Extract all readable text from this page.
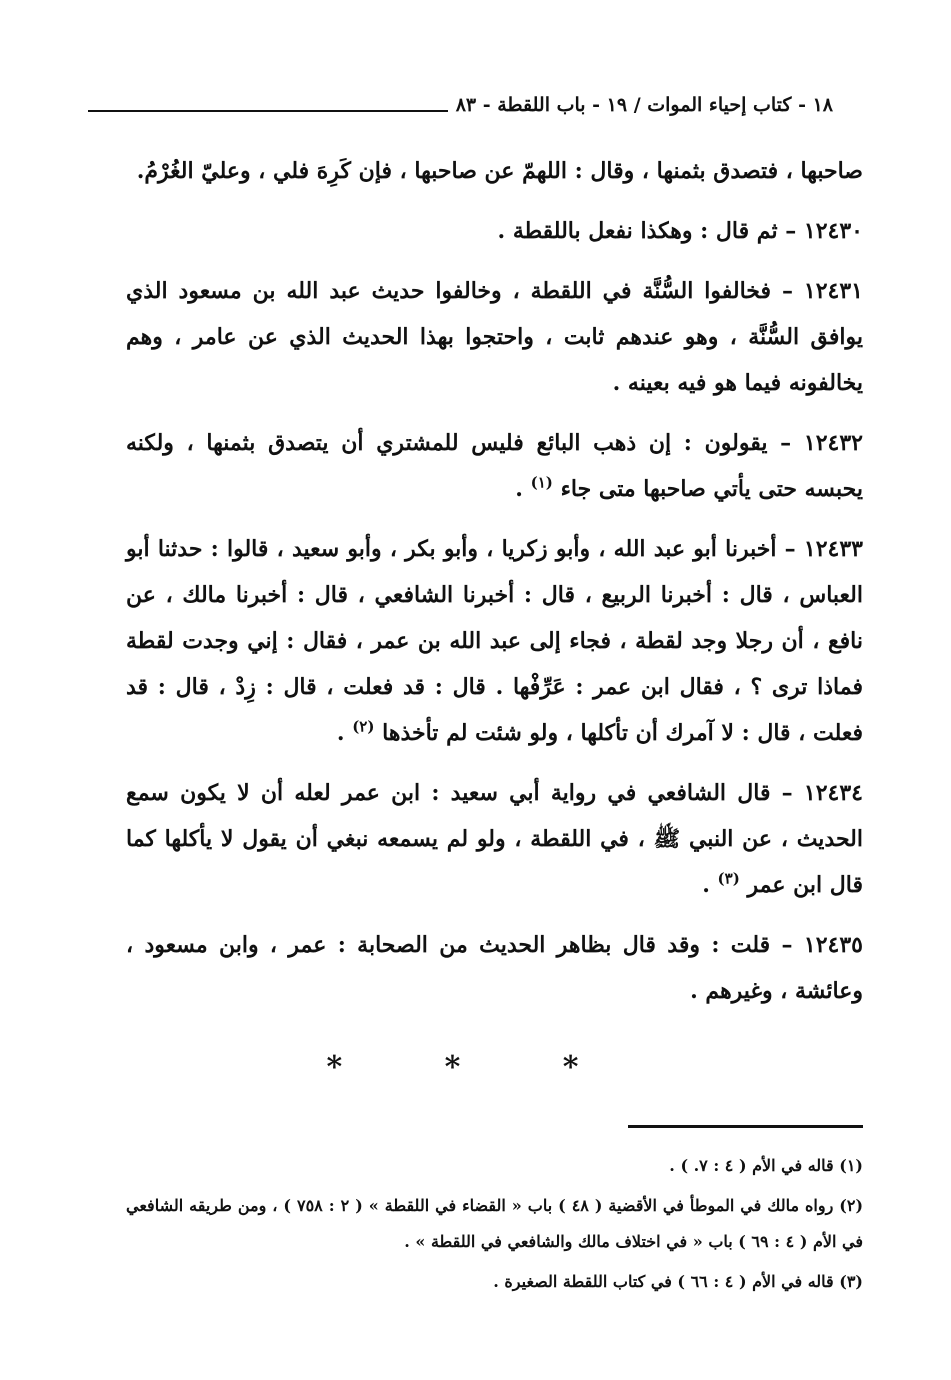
١٨ - كتاب إحياء الموات / ١٩ - باب اللقطة - ٨٣

صاحبها ، فتصدق بثمنها ، وقال : اللهمّ عن صاحبها ، فإن كَرِهَ فلي ، وعليّ الغُرْمُ.

١٢٤٣٠ – ثم قال : وهكذا نفعل باللقطة .

١٢٤٣١ – فخالفوا السُّنَّة في اللقطة ، وخالفوا حديث عبد الله بن مسعود الذي يوافق السُّنَّة ، وهو عندهم ثابت ، واحتجوا بهذا الحديث الذي عن عامر ، وهم يخالفونه فيما هو فيه بعينه .

١٢٤٣٢ – يقولون : إن ذهب البائع فليس للمشتري أن يتصدق بثمنها ، ولكنه يحبسه حتى يأتي صاحبها متى جاء $^{(١)}$ .

١٢٤٣٣ – أخبرنا أبو عبد الله ، وأبو زكريا ، وأبو بكر ، وأبو سعيد ، قالوا : حدثنا أبو العباس ، قال : أخبرنا الربيع ، قال : أخبرنا الشافعي ، قال : أخبرنا مالك ، عن نافع ، أن رجلا وجد لقطة ، فجاء إلى عبد الله بن عمر ، فقال : إني وجدت لقطة فماذا ترى ؟ ، فقال ابن عمر : عَرِّفْها . قال : قد فعلت ، قال : زِدْ ، قال : قد فعلت ، قال : لا آمرك أن تأكلها ، ولو شئت لم تأخذها $^{(٢)}$ .

١٢٤٣٤ – قال الشافعي في رواية أبي سعيد : ابن عمر لعله أن لا يكون سمع الحديث ، عن النبي ﷺ ، في اللقطة ، ولو لم يسمعه نبغي أن يقول لا يأكلها كما قال ابن عمر $^{(٣)}$ .

١٢٤٣٥ – قلت : وقد قال بظاهر الحديث من الصحابة : عمر ، وابن مسعود ، وعائشة ، وغيرهم .

* * *

(١) قاله في الأم ( ٤ : ٧. ) .

(٢) رواه مالك في الموطأ في الأقضية ( ٤٨ ) باب « القضاء في اللقطة » ( ٢ : ٧٥٨ ) ، ومن طريقه الشافعي في الأم ( ٤ : ٦٩ ) باب « في اختلاف مالك والشافعي في اللقطة » .

(٣) قاله في الأم ( ٤ : ٦٦ ) في كتاب اللقطة الصغيرة .
